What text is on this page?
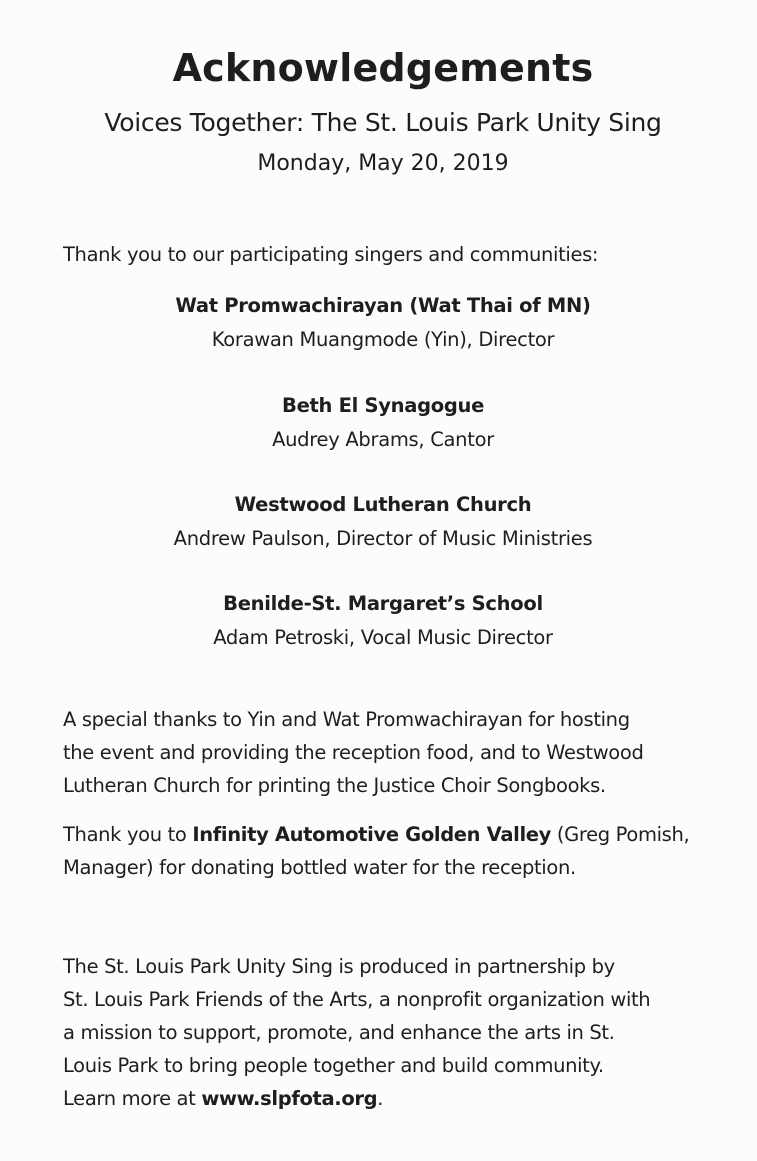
Acknowledgements
Voices Together: The St. Louis Park Unity Sing
Monday, May 20, 2019
Thank you to our participating singers and communities:
Wat Promwachirayan (Wat Thai of MN)
Korawan Muangmode (Yin), Director
Beth El Synagogue
Audrey Abrams, Cantor
Westwood Lutheran Church
Andrew Paulson, Director of Music Ministries
Benilde-St. Margaret’s School
Adam Petroski, Vocal Music Director
A special thanks to Yin and Wat Promwachirayan for hosting
the event and providing the reception food, and to Westwood
Lutheran Church for printing the Justice Choir Songbooks.
Thank you to Infinity Automotive Golden Valley (Greg Pomish,
Manager) for donating bottled water for the reception.
The St. Louis Park Unity Sing is produced in partnership by
St. Louis Park Friends of the Arts, a nonprofit organization with
a mission to support, promote, and enhance the arts in St.
Louis Park to bring people together and build community.
Learn more at www.slpfota.org.
